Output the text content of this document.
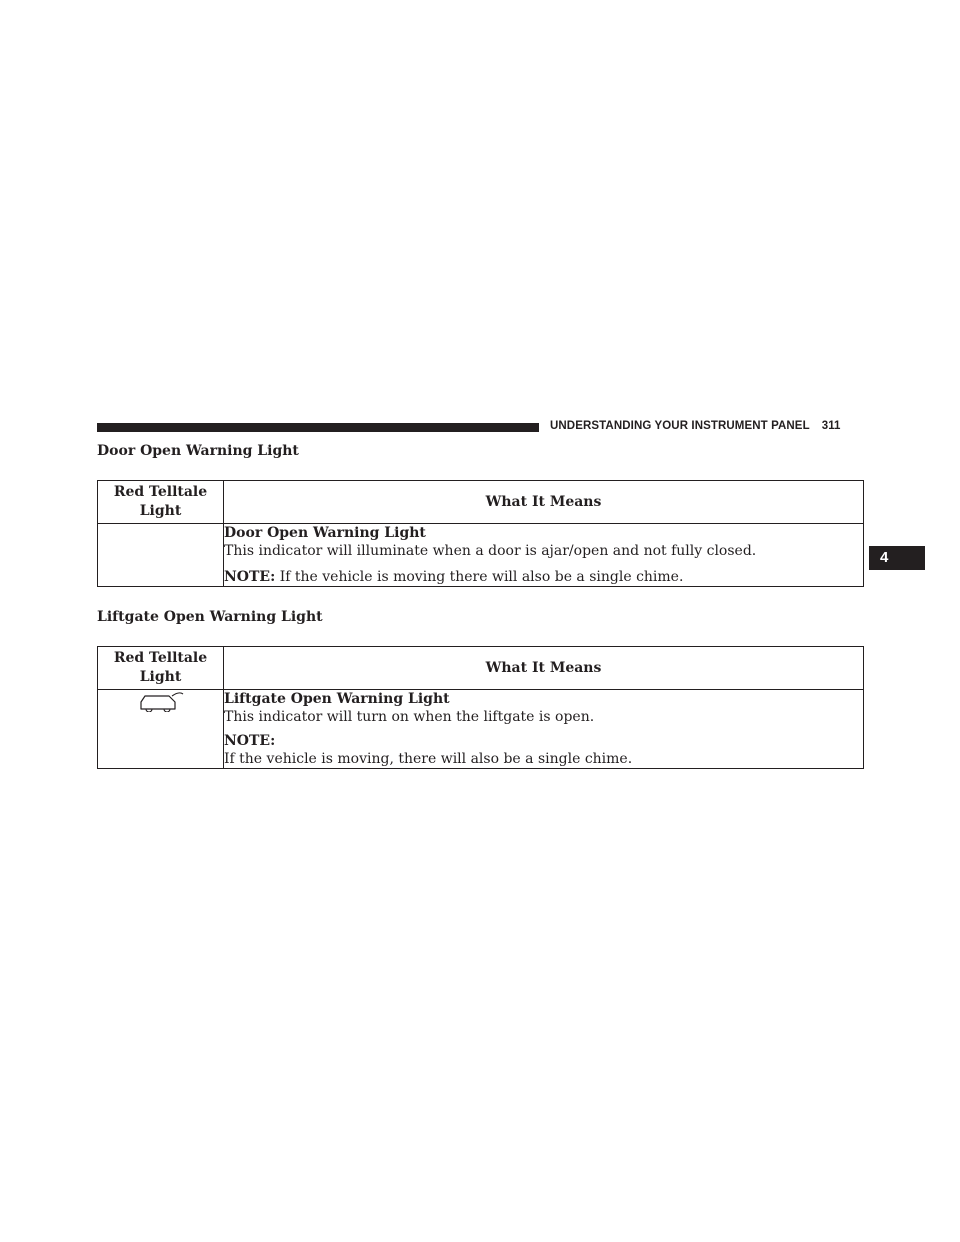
UNDERSTANDING YOUR INSTRUMENT PANEL 311
4
Door Open Warning Light
Red Telltale Light	What It Means

	Door Open Warning Light
This indicator will illuminate when a door is ajar/open and not fully closed.
NOTE: If the vehicle is moving there will also be a single chime.
Liftgate Open Warning Light
Red Telltale Light	What It Means

Liftgate Open Warning Light
This indicator will turn on when the liftgate is open.
NOTE:
If the vehicle is moving, there will also be a single chime.
